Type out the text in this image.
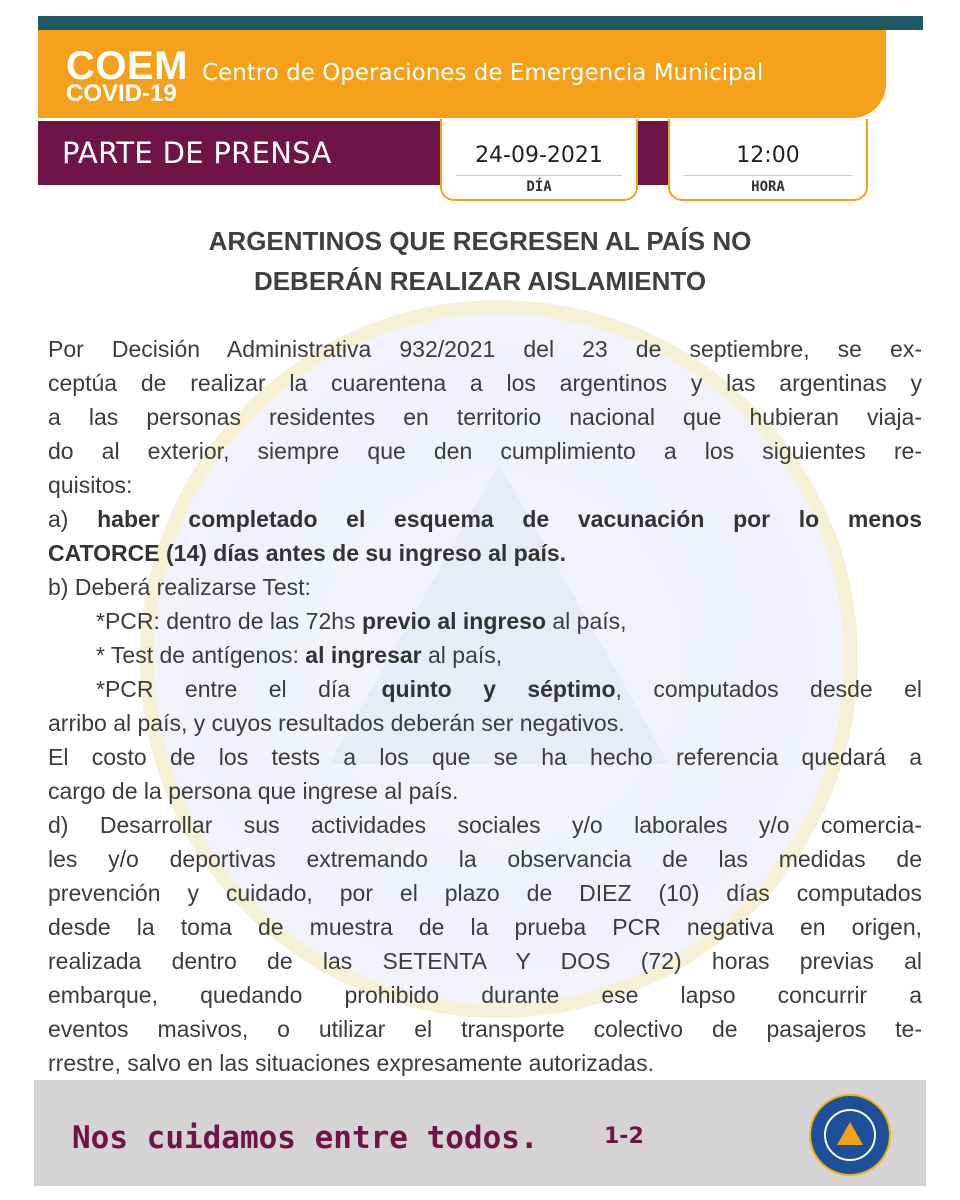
COEM
COVID-19
Centro de Operaciones de Emergencia Municipal
PARTE DE PRENSA	24-09-2021
DÍA
12:00
HORA
ARGENTINOS QUE REGRESEN AL PAÍS NO
DEBERÁN REALIZAR AISLAMIENTO
Por Decisión Administrativa 932/2021 del 23 de septiembre, se ex-
ceptúa de realizar la cuarentena a los argentinos y las argentinas y
a las personas residentes en territorio nacional que hubieran viaja-
do al exterior, siempre que den cumplimiento a los siguientes re-
quisitos:
a) haber completado el esquema de vacunación por lo menos
CATORCE (14) días antes de su ingreso al país.
b) Deberá realizarse Test:
*PCR: dentro de las 72hs previo al ingreso al país,
* Test de antígenos: al ingresar al país,
*PCR entre el día quinto y séptimo, computados desde el
arribo al país, y cuyos resultados deberán ser negativos.
El costo de los tests a los que se ha hecho referencia quedará a
cargo de la persona que ingrese al país.
d) Desarrollar sus actividades sociales y/o laborales y/o comercia-
les y/o deportivas extremando la observancia de las medidas de
prevención y cuidado, por el plazo de DIEZ (10) días computados
desde la toma de muestra de la prueba PCR negativa en origen,
realizada dentro de las SETENTA Y DOS (72) horas previas al
embarque, quedando prohibido durante ese lapso concurrir a
eventos masivos, o utilizar el transporte colectivo de pasajeros te-
rrestre, salvo en las situaciones expresamente autorizadas.
Nos cuidamos entre todos.	1-2
